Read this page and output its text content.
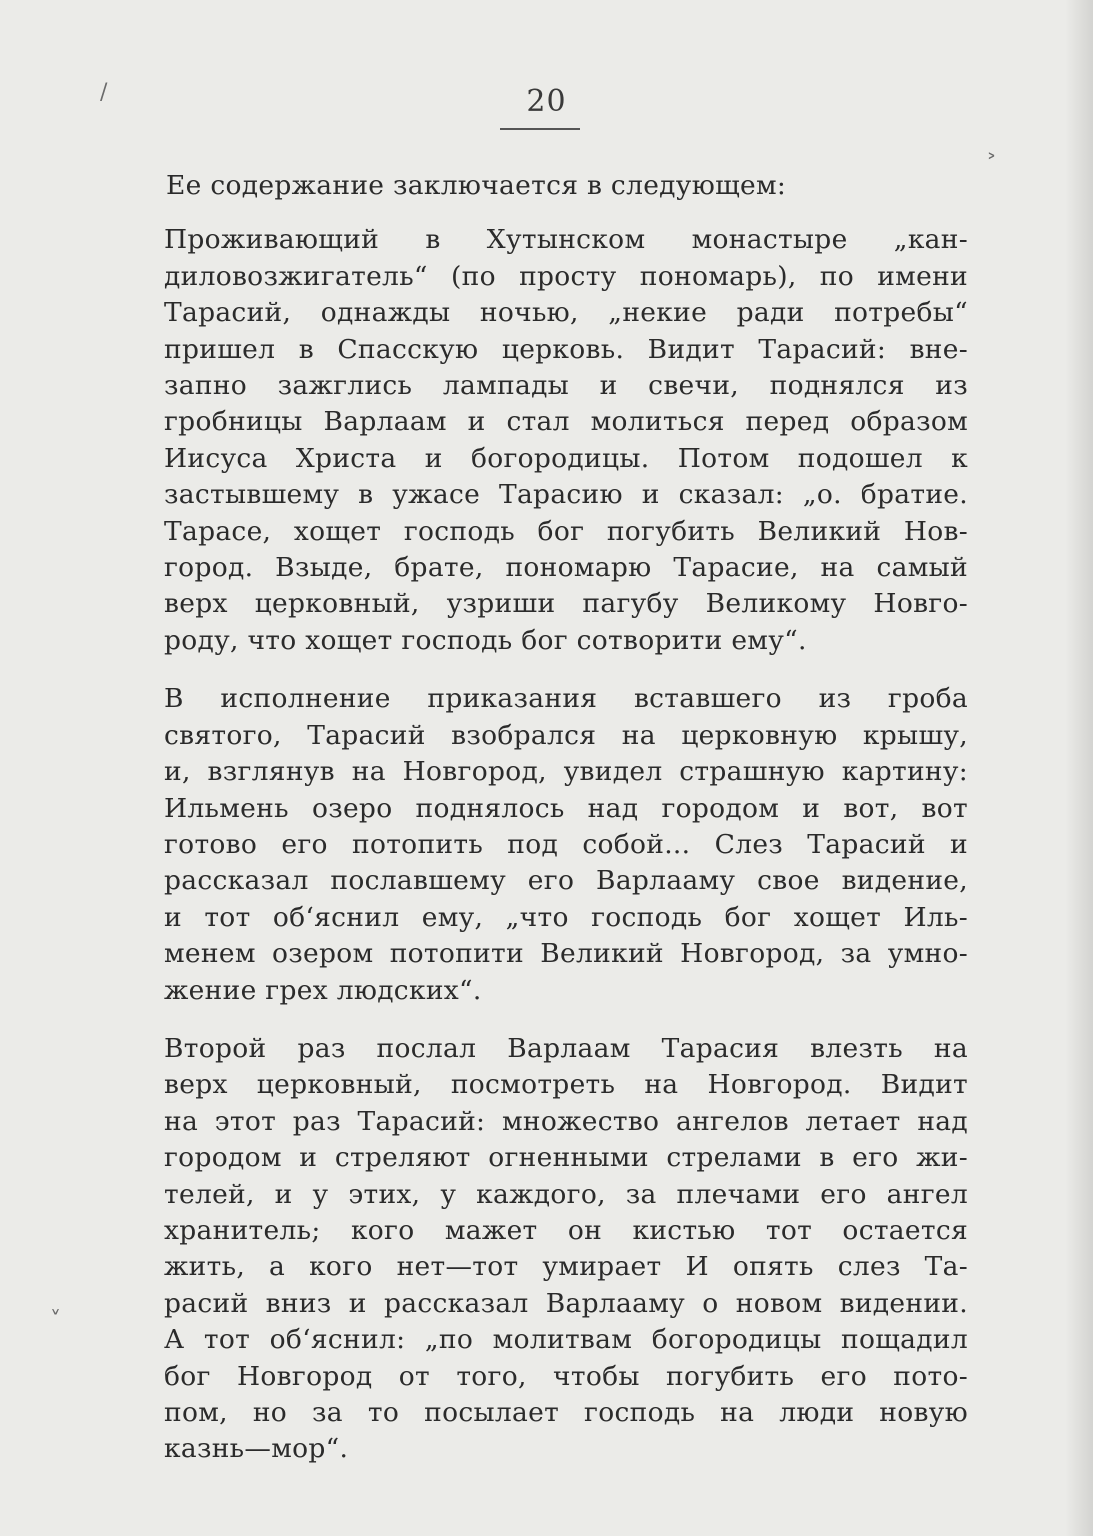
20
/
˃
˅

Ее содержание заключается в следующем:

Проживающий в Хутынском монастыре „кан-
диловозжигатель“ (по просту пономарь), по имени
Тарасий, однажды ночью, „некие ради потребы“
пришел в Спасскую церковь. Видит Тарасий: вне-
запно зажглись лампады и свечи, поднялся из
гробницы Варлаам и стал молиться перед образом
Иисуса Христа и богородицы. Потом подошел к
застывшему в ужасе Тарасию и сказал: „о. братие.
Тарасе, хощет господь бог погубить Великий Нов-
город. Взыде, брате, пономарю Тарасие, на самый
верх церковный, узриши пагубу Великому Новго-
роду, что хощет господь бог сотворити ему“.

В исполнение приказания вставшего из гроба
святого, Тарасий взобрался на церковную крышу,
и, взглянув на Новгород, увидел страшную картину:
Ильмень озеро поднялось над городом и вот, вот
готово его потопить под собой... Слез Тарасий и
рассказал пославшему его Варлааму свое видение,
и тот об‘яснил ему, „что господь бог хощет Иль-
менем озером потопити Великий Новгород, за умно-
жение грех людских“.

Второй раз послал Варлаам Тарасия влезть на
верх церковный, посмотреть на Новгород. Видит
на этот раз Тарасий: множество ангелов летает над
городом и стреляют огненными стрелами в его жи-
телей, и у этих, у каждого, за плечами его ангел
хранитель; кого мажет он кистью тот остается
жить, а кого нет—тот умирает И опять слез Та-
расий вниз и рассказал Варлааму о новом видении.
А тот об‘яснил: „по молитвам богородицы пощадил
бог Новгород от того, чтобы погубить его пото-
пом, но за то посылает господь на люди новую
казнь—мор“.
